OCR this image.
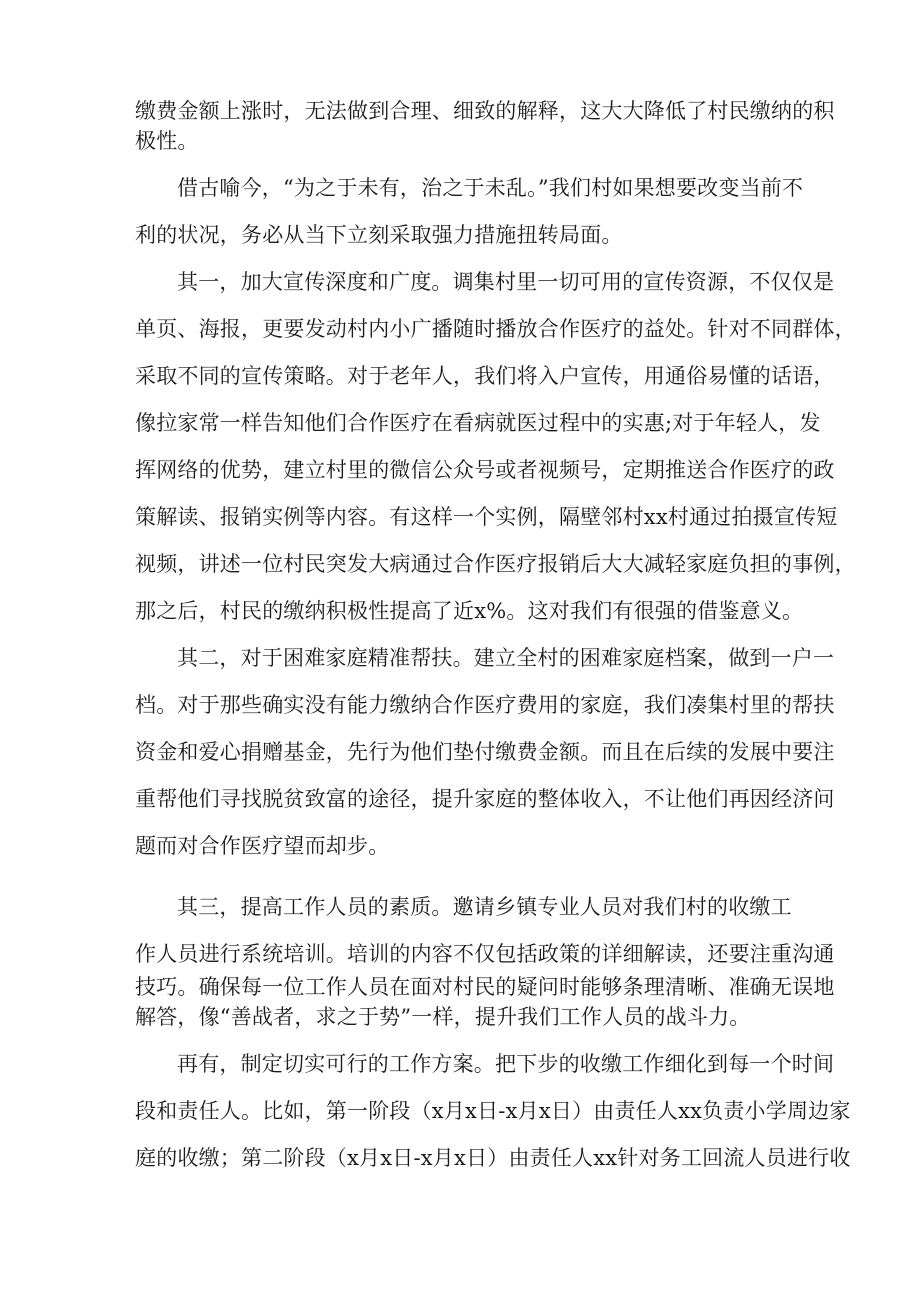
缴费金额上涨时，无法做到合理、细致的解释，这大大降低了村民缴纳的积

极性。

借古喻今，“为之于未有，治之于未乱。”我们村如果想要改变当前不

利的状况，务必从当下立刻采取强力措施扭转局面。

其一，加大宣传深度和广度。调集村里一切可用的宣传资源，不仅仅是

单页、海报，更要发动村内小广播随时播放合作医疗的益处。针对不同群体，

采取不同的宣传策略。对于老年人，我们将入户宣传，用通俗易懂的话语，

像拉家常一样告知他们合作医疗在看病就医过程中的实惠;对于年轻人，发

挥网络的优势，建立村里的微信公众号或者视频号，定期推送合作医疗的政

策解读、报销实例等内容。有这样一个实例，隔壁邻村xx村通过拍摄宣传短

视频，讲述一位村民突发大病通过合作医疗报销后大大减轻家庭负担的事例，

那之后，村民的缴纳积极性提高了近x%。这对我们有很强的借鉴意义。

其二，对于困难家庭精准帮扶。建立全村的困难家庭档案，做到一户一

档。对于那些确实没有能力缴纳合作医疗费用的家庭，我们凑集村里的帮扶

资金和爱心捐赠基金，先行为他们垫付缴费金额。而且在后续的发展中要注

重帮他们寻找脱贫致富的途径，提升家庭的整体收入，不让他们再因经济问

题而对合作医疗望而却步。

其三，提高工作人员的素质。邀请乡镇专业人员对我们村的收缴工

作人员进行系统培训。培训的内容不仅包括政策的详细解读，还要注重沟通

技巧。确保每一位工作人员在面对村民的疑问时能够条理清晰、准确无误地

解答，像“善战者，求之于势”一样，提升我们工作人员的战斗力。

再有，制定切实可行的工作方案。把下步的收缴工作细化到每一个时间

段和责任人。比如，第一阶段（x月x日-x月x日）由责任人xx负责小学周边家

庭的收缴；第二阶段（x月x日-x月x日）由责任人xx针对务工回流人员进行收
